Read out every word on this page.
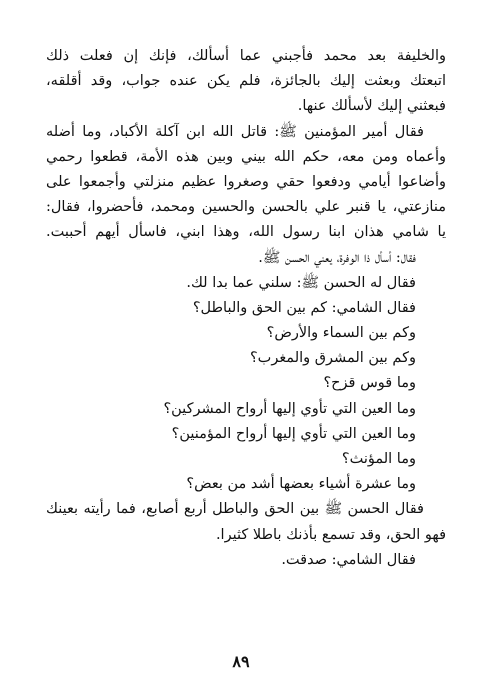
والخليفة بعد محمد فأجبني عما أسألك، فإنك إن فعلت ذلك
اتبعتك وبعثت إليك بالجائزة، فلم يكن عنده جواب، وقد أقلقه،
فبعثني إليك لأسألك عنها.
فقال أمير المؤمنين ﷺ: قاتل الله ابن آكلة الأكباد، وما أضله
وأعماه ومن معه، حكم الله بيني وبين هذه الأمة، قطعوا رحمي
وأضاعوا أيامي ودفعوا حقي وصغروا عظيم منزلتي وأجمعوا على
منازعتي، يا قنبر علي بالحسن والحسين ومحمد، فأحضروا، فقال:
يا شامي هذان ابنا رسول الله، وهذا ابني، فاسأل أيهم أحببت.
فقال: أسأل ذا الوفرة، يعني الحسن ﷺ.
فقال له الحسن ﷺ: سلني عما بدا لك.
فقال الشامي: كم بين الحق والباطل؟
وكم بين السماء والأرض؟
وكم بين المشرق والمغرب؟
وما قوس قزح؟
وما العين التي تأوي إليها أرواح المشركين؟
وما العين التي تأوي إليها أرواح المؤمنين؟
وما المؤنث؟
وما عشرة أشياء بعضها أشد من بعض؟
فقال الحسن ﷺ بين الحق والباطل أربع أصابع، فما رأيته بعينك
فهو الحق، وقد تسمع بأذنك باطلا كثيرا.
فقال الشامي: صدقت.
٨٩
